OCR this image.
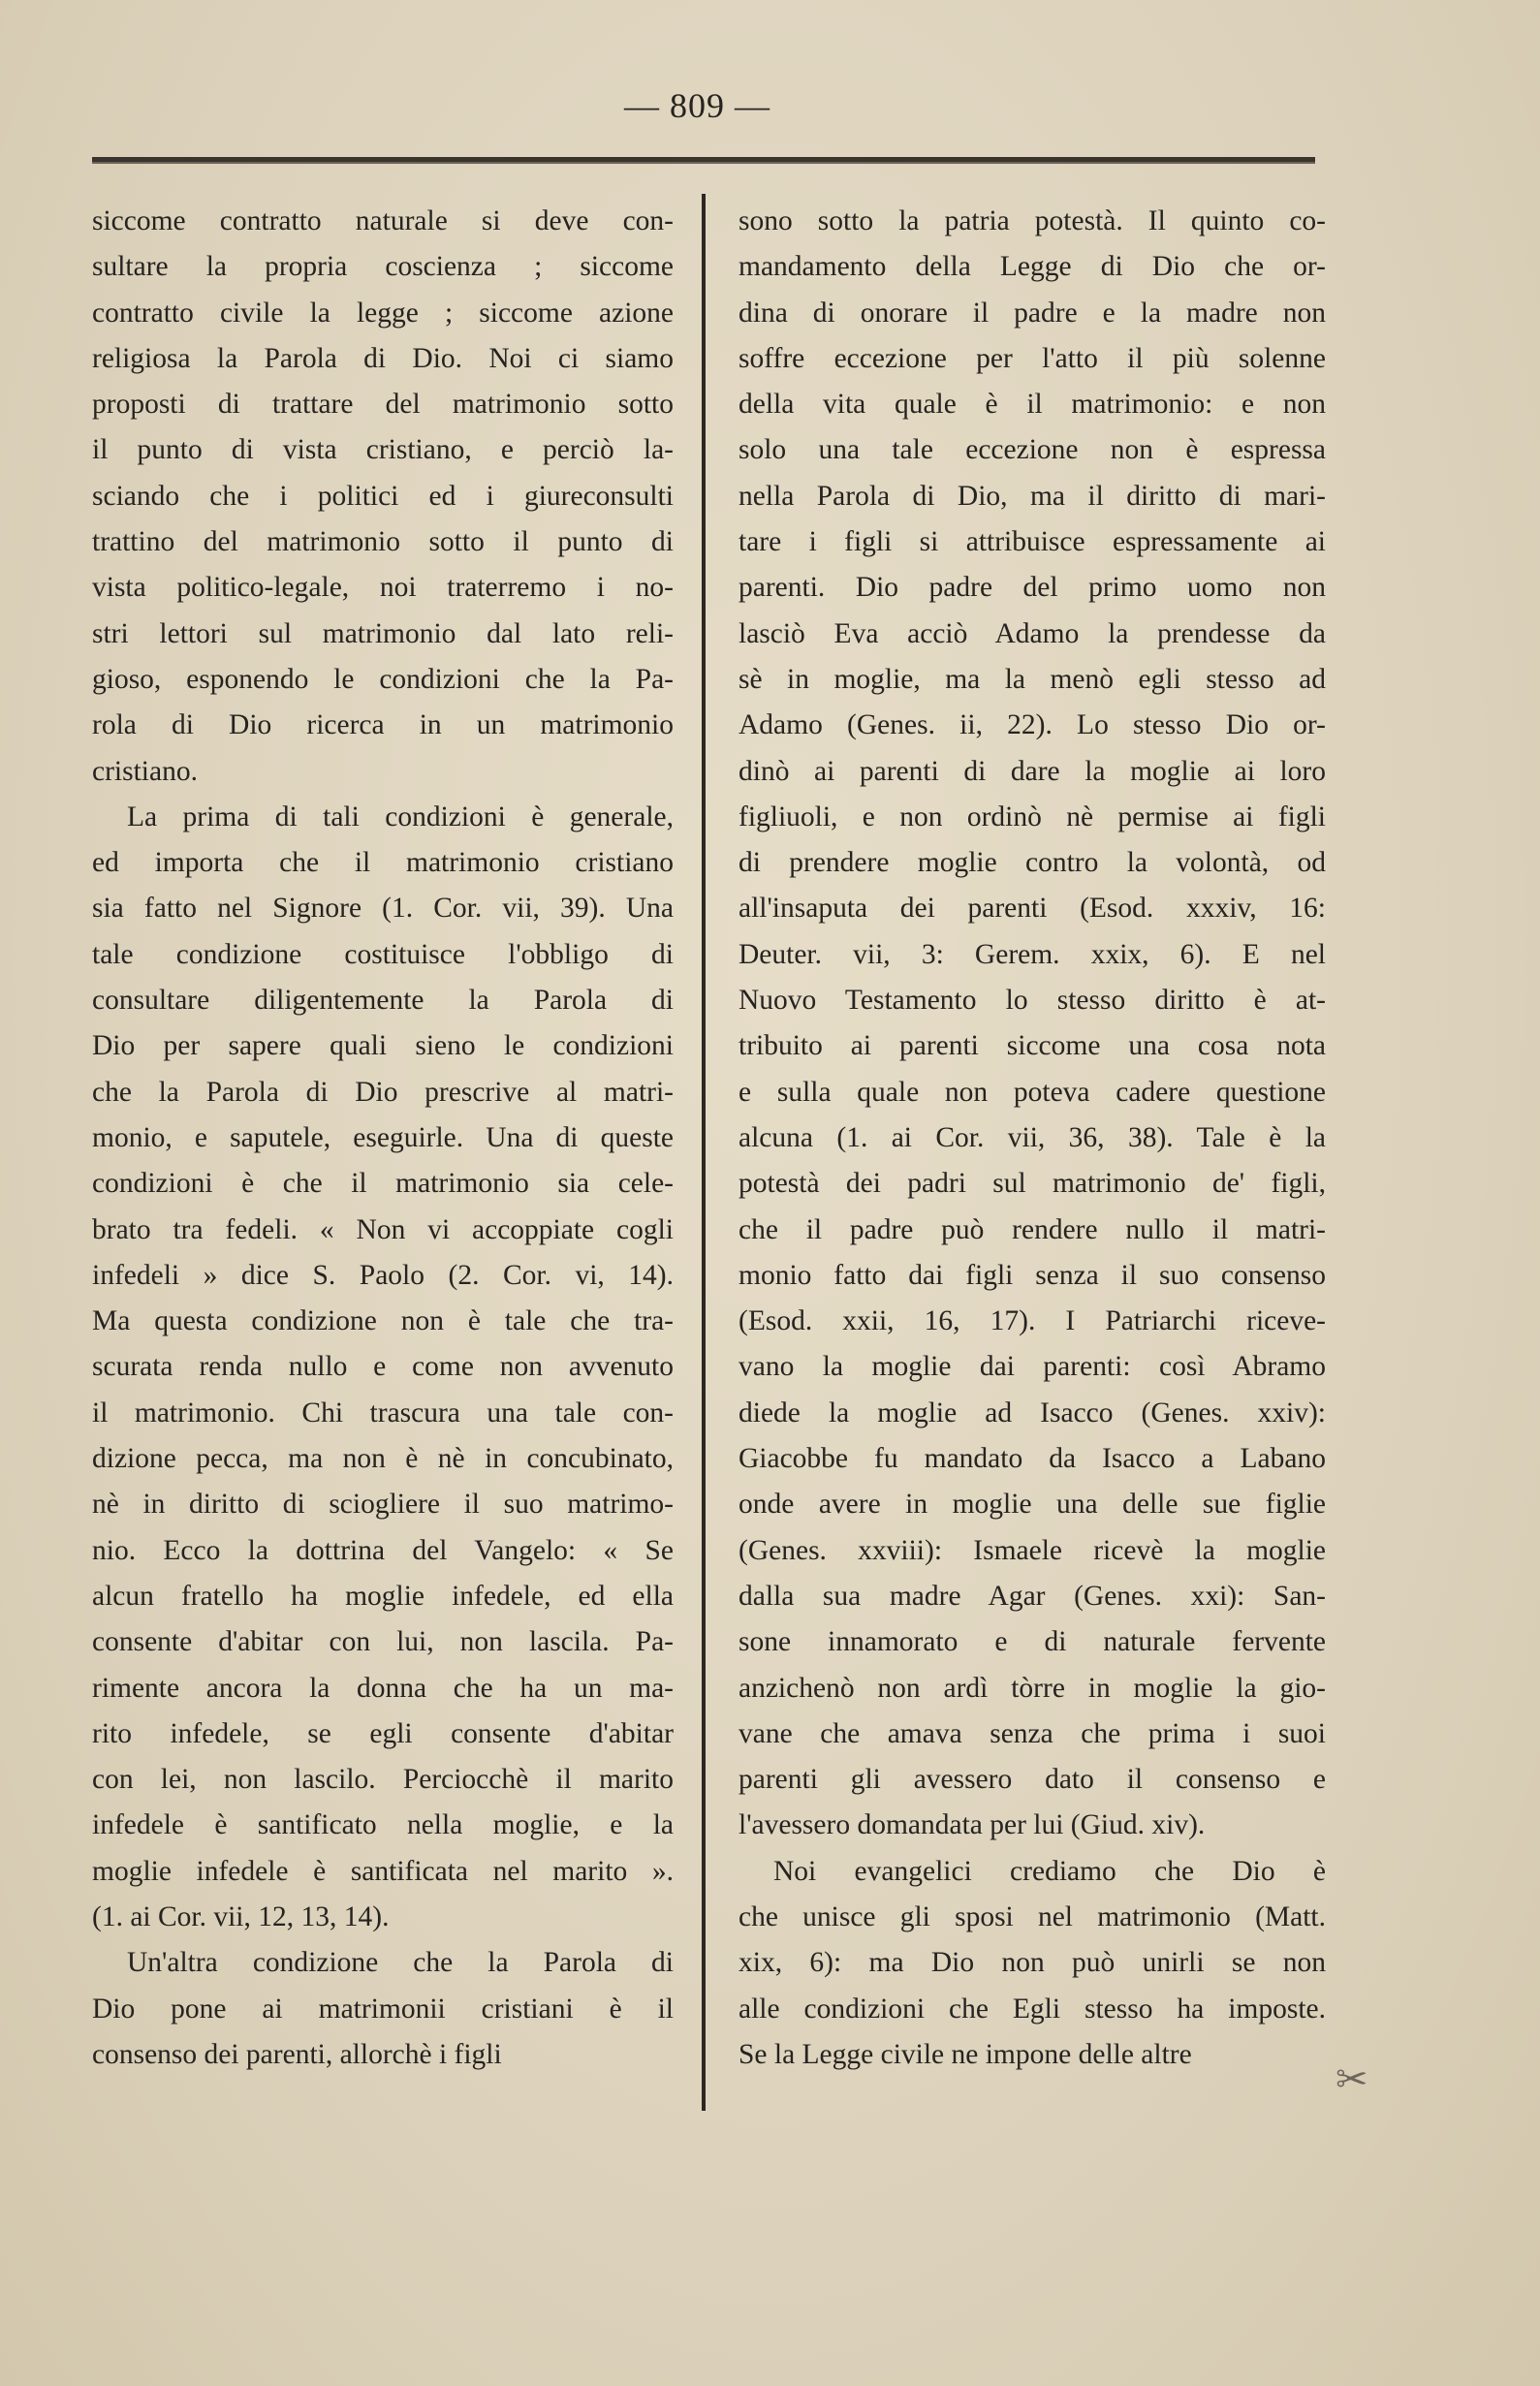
— 809 —
siccome contratto naturale si deve con-
sultare la propria coscienza ; siccome
contratto civile la legge ; siccome azione
religiosa la Parola di Dio. Noi ci siamo
proposti di trattare del matrimonio sotto
il punto di vista cristiano, e perciò la-
sciando che i politici ed i giureconsulti
trattino del matrimonio sotto il punto di
vista politico-legale, noi traterremo i no-
stri lettori sul matrimonio dal lato reli-
gioso, esponendo le condizioni che la Pa-
rola di Dio ricerca in un matrimonio
cristiano.
La prima di tali condizioni è generale,
ed importa che il matrimonio cristiano
sia fatto nel Signore (1. Cor. vii, 39). Una
tale condizione costituisce l'obbligo di
consultare diligentemente la Parola di
Dio per sapere quali sieno le condizioni
che la Parola di Dio prescrive al matri-
monio, e saputele, eseguirle. Una di queste
condizioni è che il matrimonio sia cele-
brato tra fedeli. « Non vi accoppiate cogli
infedeli » dice S. Paolo (2. Cor. vi, 14).
Ma questa condizione non è tale che tra-
scurata renda nullo e come non avvenuto
il matrimonio. Chi trascura una tale con-
dizione pecca, ma non è nè in concubinato,
nè in diritto di sciogliere il suo matrimo-
nio. Ecco la dottrina del Vangelo: « Se
alcun fratello ha moglie infedele, ed ella
consente d'abitar con lui, non lascila. Pa-
rimente ancora la donna che ha un ma-
rito infedele, se egli consente d'abitar
con lei, non lascilo. Perciocchè il marito
infedele è santificato nella moglie, e la
moglie infedele è santificata nel marito ».
(1. ai Cor. vii, 12, 13, 14).
Un'altra condizione che la Parola di
Dio pone ai matrimonii cristiani è il
consenso dei parenti, allorchè i figli
sono sotto la patria potestà. Il quinto co-
mandamento della Legge di Dio che or-
dina di onorare il padre e la madre non
soffre eccezione per l'atto il più solenne
della vita quale è il matrimonio: e non
solo una tale eccezione non è espressa
nella Parola di Dio, ma il diritto di mari-
tare i figli si attribuisce espressamente ai
parenti. Dio padre del primo uomo non
lasciò Eva acciò Adamo la prendesse da
sè in moglie, ma la menò egli stesso ad
Adamo (Genes. ii, 22). Lo stesso Dio or-
dinò ai parenti di dare la moglie ai loro
figliuoli, e non ordinò nè permise ai figli
di prendere moglie contro la volontà, od
all'insaputa dei parenti (Esod. xxxiv, 16:
Deuter. vii, 3: Gerem. xxix, 6). E nel
Nuovo Testamento lo stesso diritto è at-
tribuito ai parenti siccome una cosa nota
e sulla quale non poteva cadere questione
alcuna (1. ai Cor. vii, 36, 38). Tale è la
potestà dei padri sul matrimonio de' figli,
che il padre può rendere nullo il matri-
monio fatto dai figli senza il suo consenso
(Esod. xxii, 16, 17). I Patriarchi riceve-
vano la moglie dai parenti: così Abramo
diede la moglie ad Isacco (Genes. xxiv):
Giacobbe fu mandato da Isacco a Labano
onde avere in moglie una delle sue figlie
(Genes. xxviii): Ismaele ricevè la moglie
dalla sua madre Agar (Genes. xxi): San-
sone innamorato e di naturale fervente
anzichenò non ardì tòrre in moglie la gio-
vane che amava senza che prima i suoi
parenti gli avessero dato il consenso e
l'avessero domandata per lui (Giud. xiv).
Noi evangelici crediamo che Dio è
che unisce gli sposi nel matrimonio (Matt.
xix, 6): ma Dio non può unirli se non
alle condizioni che Egli stesso ha imposte.
Se la Legge civile ne impone delle altre
✂
